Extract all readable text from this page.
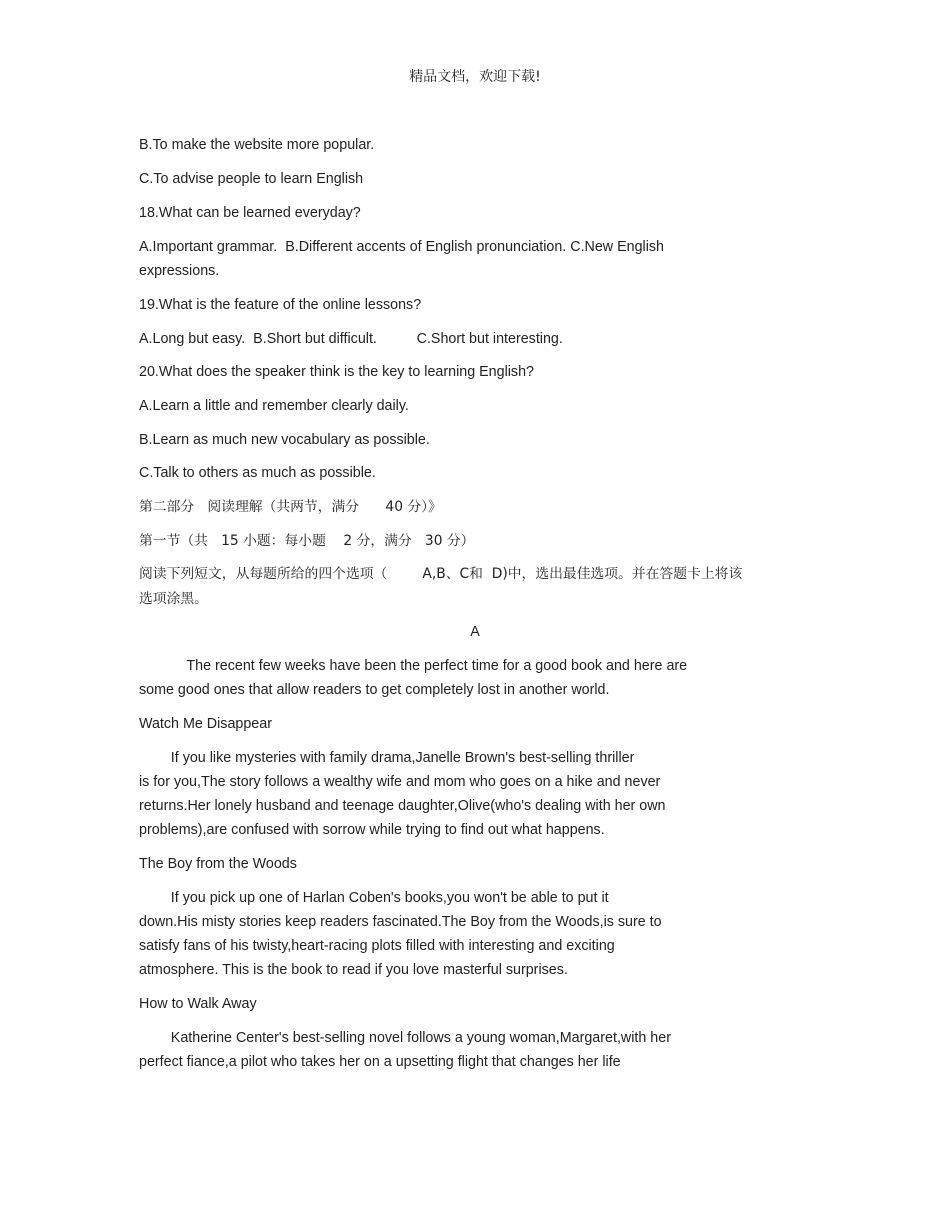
精品文档，欢迎下载!
B.To make the website more popular.
C.To advise people to learn English
18.What can be learned everyday?
A.Important grammar.  B.Different accents of English pronunciation. C.New English
expressions.
19.What is the feature of the online lessons?
A.Long but easy.  B.Short but difficult.          C.Short but interesting.
20.What does the speaker think is the key to learning English?
A.Learn a little and remember clearly daily.
B.Learn as much new vocabulary as possible.
C.Talk to others as much as possible.
第二部分   阅读理解（共两节，满分      40 分）》
第一节（共   15 小题：每小题    2 分，满分   30 分）
阅读下列短文，从每题所给的四个选项（        A,B、C和  D)中，选出最佳选项。并在答题卡上将该
选项涂黑。
A
The recent few weeks have been the perfect time for a good book and here are
some good ones that allow readers to get completely lost in another world.
Watch Me Disappear
If you like mysteries with family drama,Janelle Brown's best-selling thriller
is for you,The story follows a wealthy wife and mom who goes on a hike and never
returns.Her lonely husband and teenage daughter,Olive(who's dealing with her own
problems),are confused with sorrow while trying to find out what happens.
The Boy from the Woods
If you pick up one of Harlan Coben's books,you won't be able to put it
down.His misty stories keep readers fascinated.The Boy from the Woods,is sure to
satisfy fans of his twisty,heart-racing plots filled with interesting and exciting
atmosphere. This is the book to read if you love masterful surprises.
How to Walk Away
Katherine Center's best-selling novel follows a young woman,Margaret,with her
perfect fiance,a pilot who takes her on a upsetting flight that changes her life
